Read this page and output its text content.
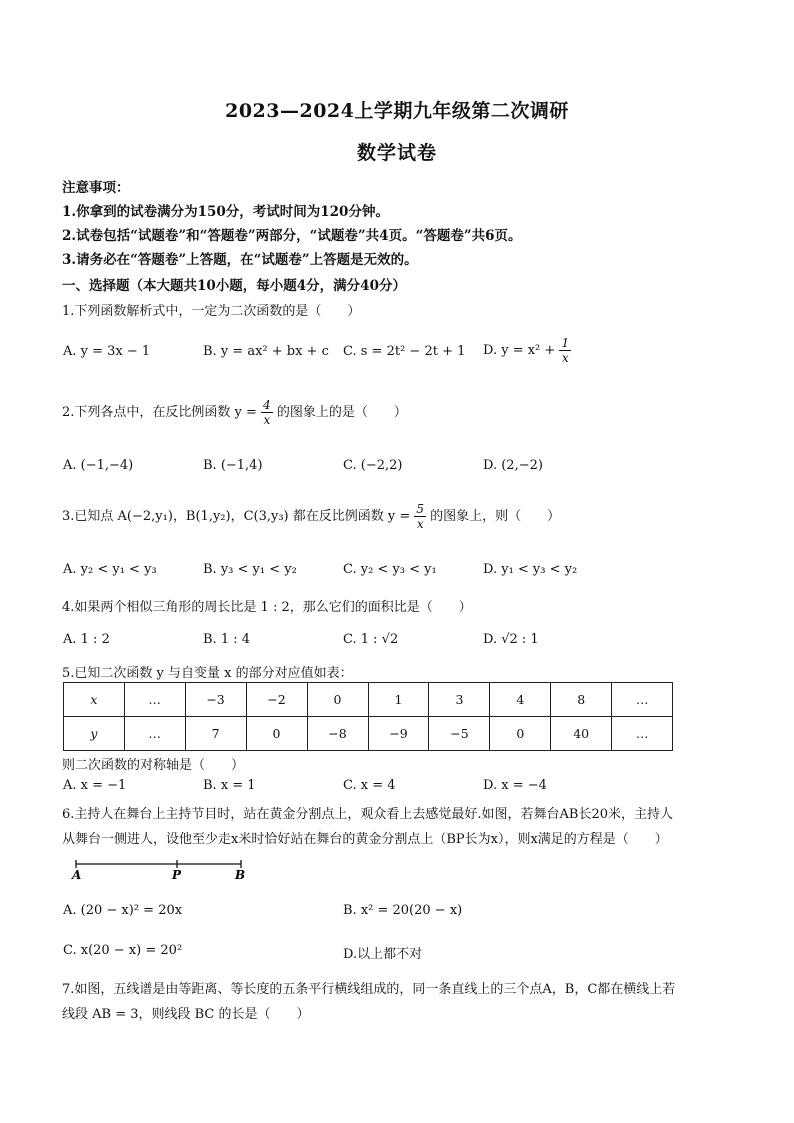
2023—2024上学期九年级第二次调研
数学试卷
注意事项：
1.你拿到的试卷满分为150分，考试时间为120分钟。
2.试卷包括“试题卷”和“答题卷”两部分，“试题卷”共4页。“答题卷”共6页。
3.请务必在“答题卷”上答题，在“试题卷”上答题是无效的。
一、选择题（本大题共10小题，每小题4分，满分40分）
1.下列函数解析式中，一定为二次函数的是（　　）
A. y = 3x − 1	B. y = ax² + bx + c C. s = 2t² − 2t + 1 D. $y = x^2 + \frac{1}{x}$
2.下列各点中，在反比例函数 $y = \frac{4}{x}$ 的图象上的是（　　）
A. (−1,−4)	B. (−1,4)	C. (−2,2)	D. (2,−2)
3.已知点 A(−2,y₁)，B(1,y₂)，C(3,y₃) 都在反比例函数 $y = \frac{5}{x}$ 的图象上，则（　　）
A. y₂ < y₁ < y₃	B. y₃ < y₁ < y₂	C. y₂ < y₃ < y₁	D. y₁ < y₃ < y₂
4.如果两个相似三角形的周长比是 1 : 2，那么它们的面积比是（　　）
A. 1 : 2	B. 1 : 4	C. 1 : √2	D. √2 : 1
5.已知二次函数 y 与自变量 x 的部分对应值如表：
x	…	−3	−2	0	1	3	4	8	…
y	…	7	0	−8	−9	−5	0	40	…
则二次函数的对称轴是（　　）
A. x = −1	B. x = 1	C. x = 4	D. x = −4
6.主持人在舞台上主持节目时，站在黄金分割点上，观众看上去感觉最好.如图，若舞台AB长20米，主持人
从舞台一侧进人，设他至少走x米时恰好站在舞台的黄金分割点上（BP长为x），则x满足的方程是（　　）
A	P	B
A. (20 − x)² = 20x	B. x² = 20(20 − x)
C. x(20 − x) = 20²	D.以上都不对
7.如图，五线谱是由等距离、等长度的五条平行横线组成的，同一条直线上的三个点A，B，C都在横线上若
线段 AB = 3，则线段 BC 的长是（　　）
